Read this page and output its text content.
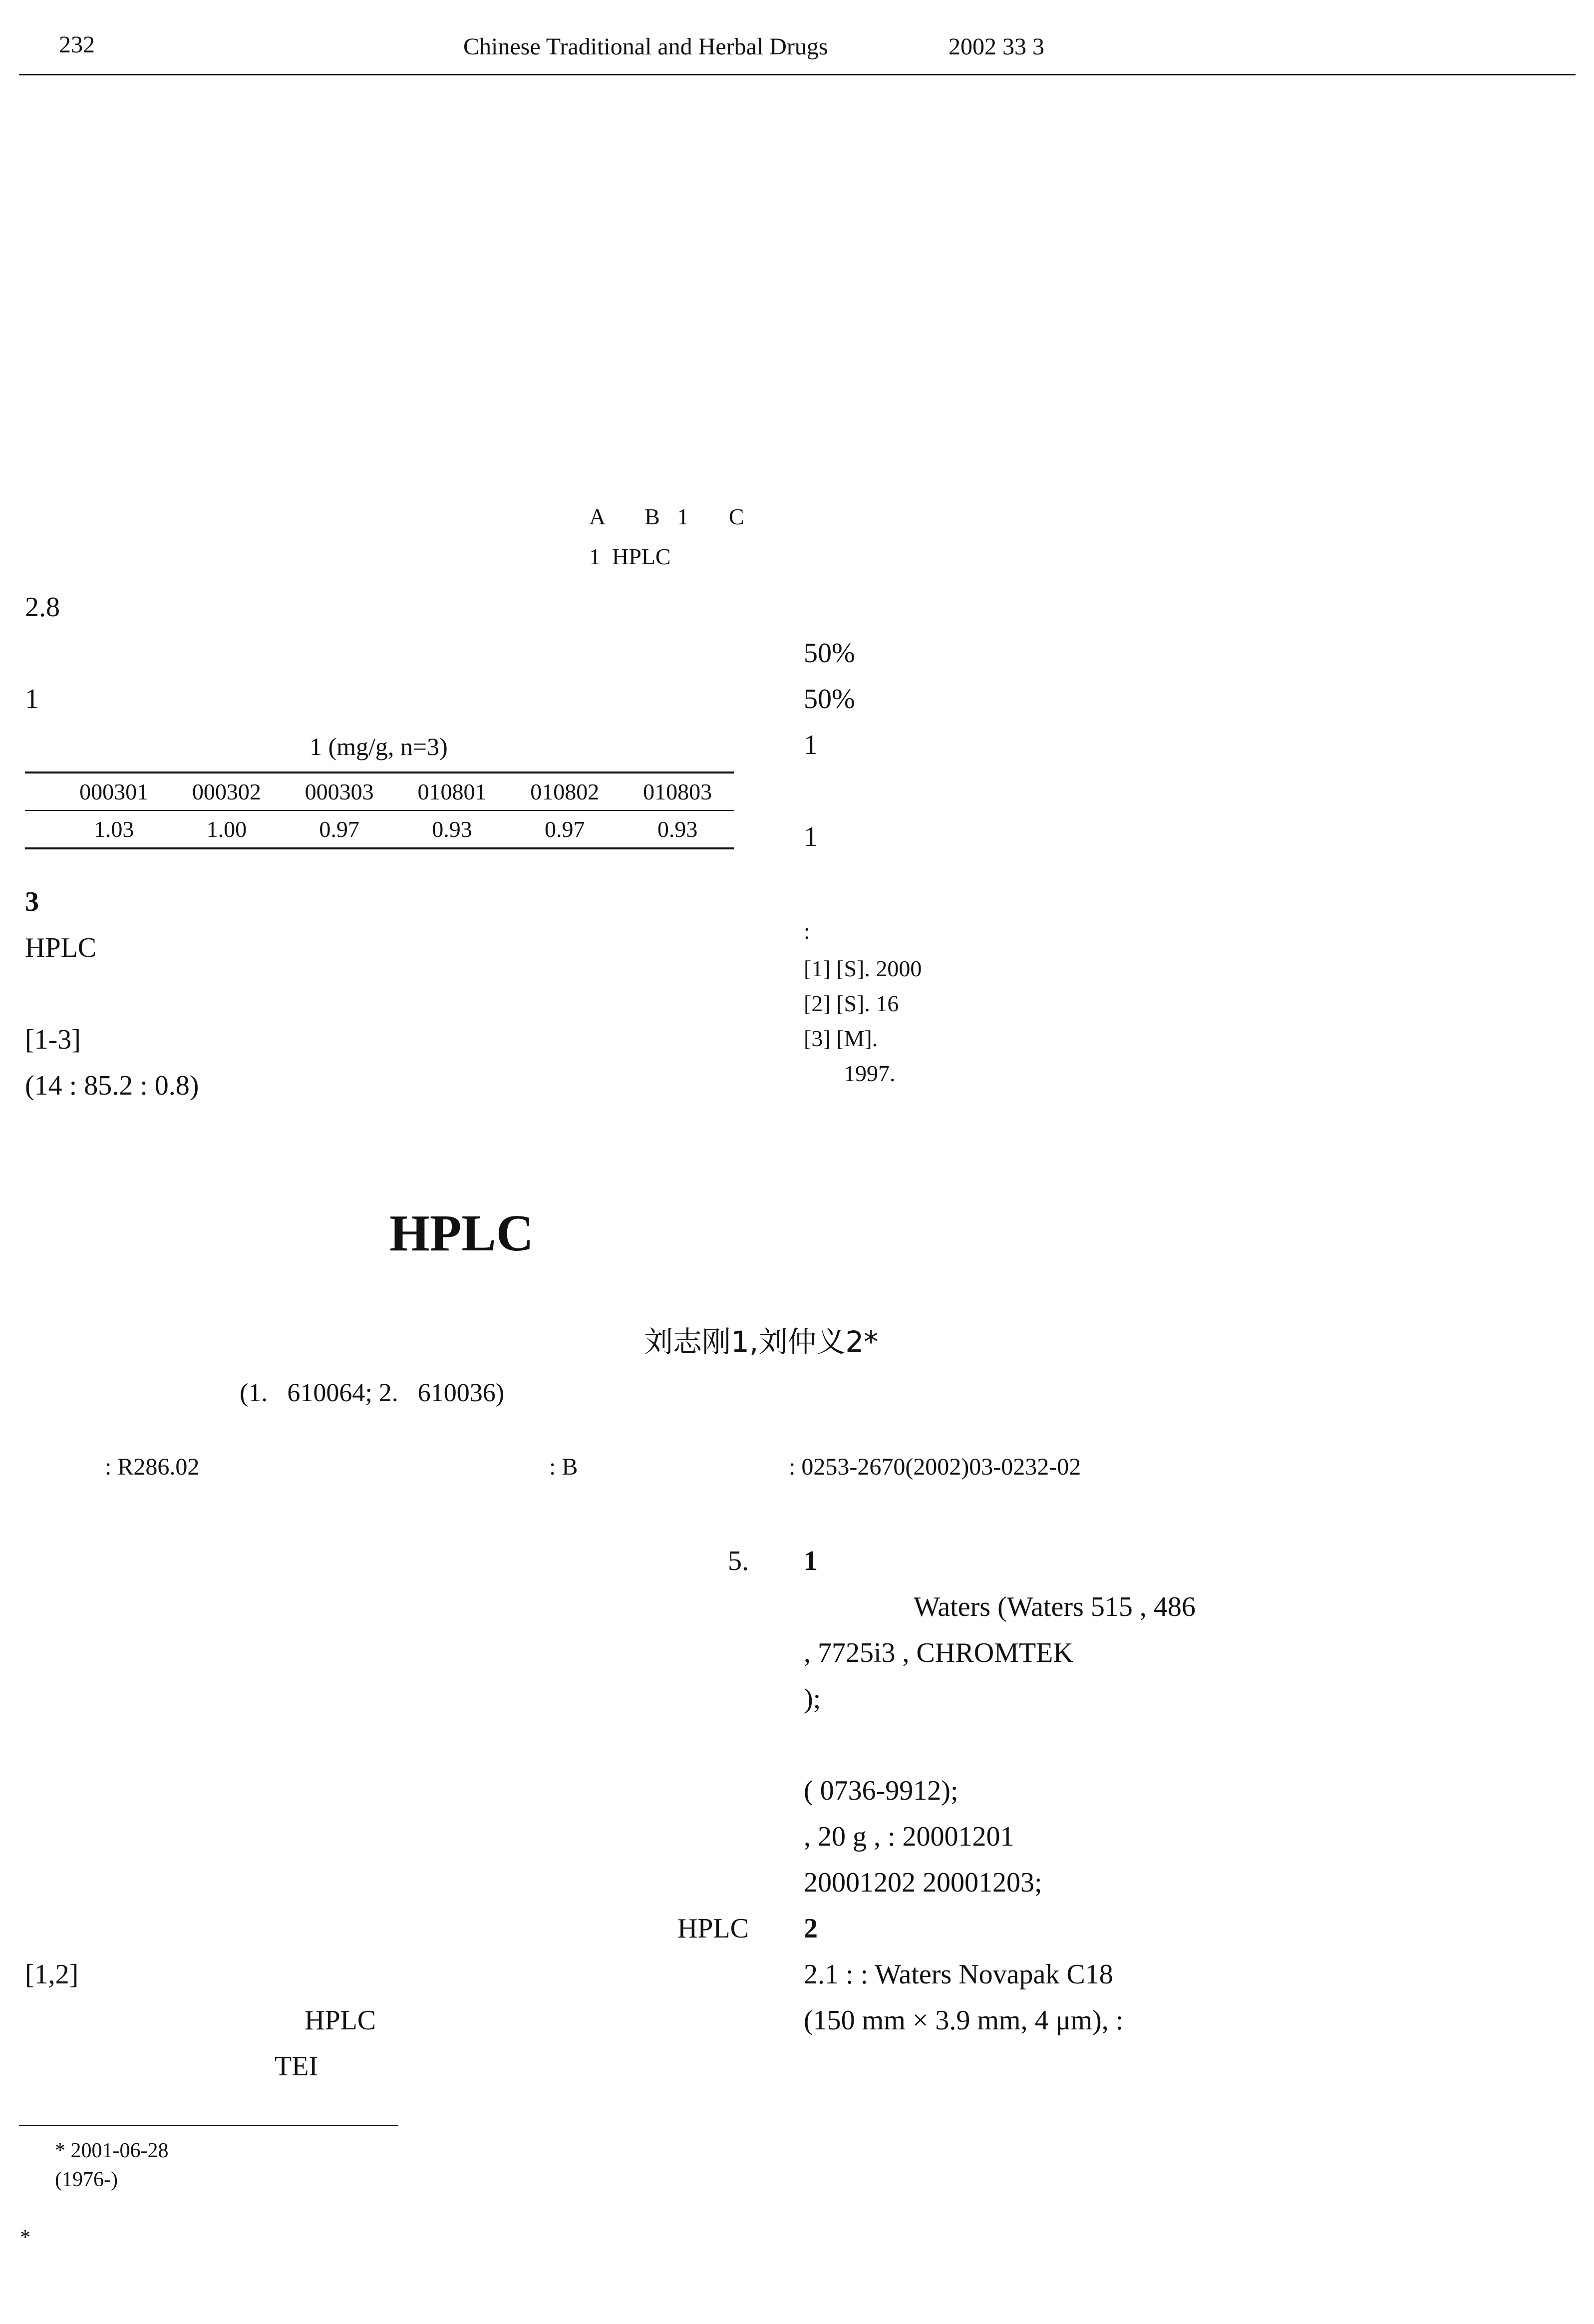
232	Chinese Traditional and Herbal Drugs	2002 33 3
A       B   1       C
1  HPLC

2.8

1

1 (mg/g, n=3)
	000301	000302	000303	010801	010802	010803
	1.03	1.00	0.97	0.93	0.97	0.93

3

HPLC

[1-3]

(14 : 85.2 : 0.8)

50%

50%

1

1

:
[1] [S]. 2000
[2] [S]. 16
[3] [M].
1997.
HPLC
刘志刚1,刘仲义2*
(1.   610064; 2.   610036)
: R286.02	: B	: 0253-2670(2002)03-0232-02

5.

HPLC

[1,2]

HPLC

TEI

1

Waters (Waters 515 , 486

, 7725i3 , CHROMTEK

);

( 0736-9912);

, 20 g , : 20001201

20001202 20001203;

2

2.1 : : Waters Novapak C18

(150 mm × 3.9 mm, 4 μm), :

* 2001-06-28
(1976-)

*
